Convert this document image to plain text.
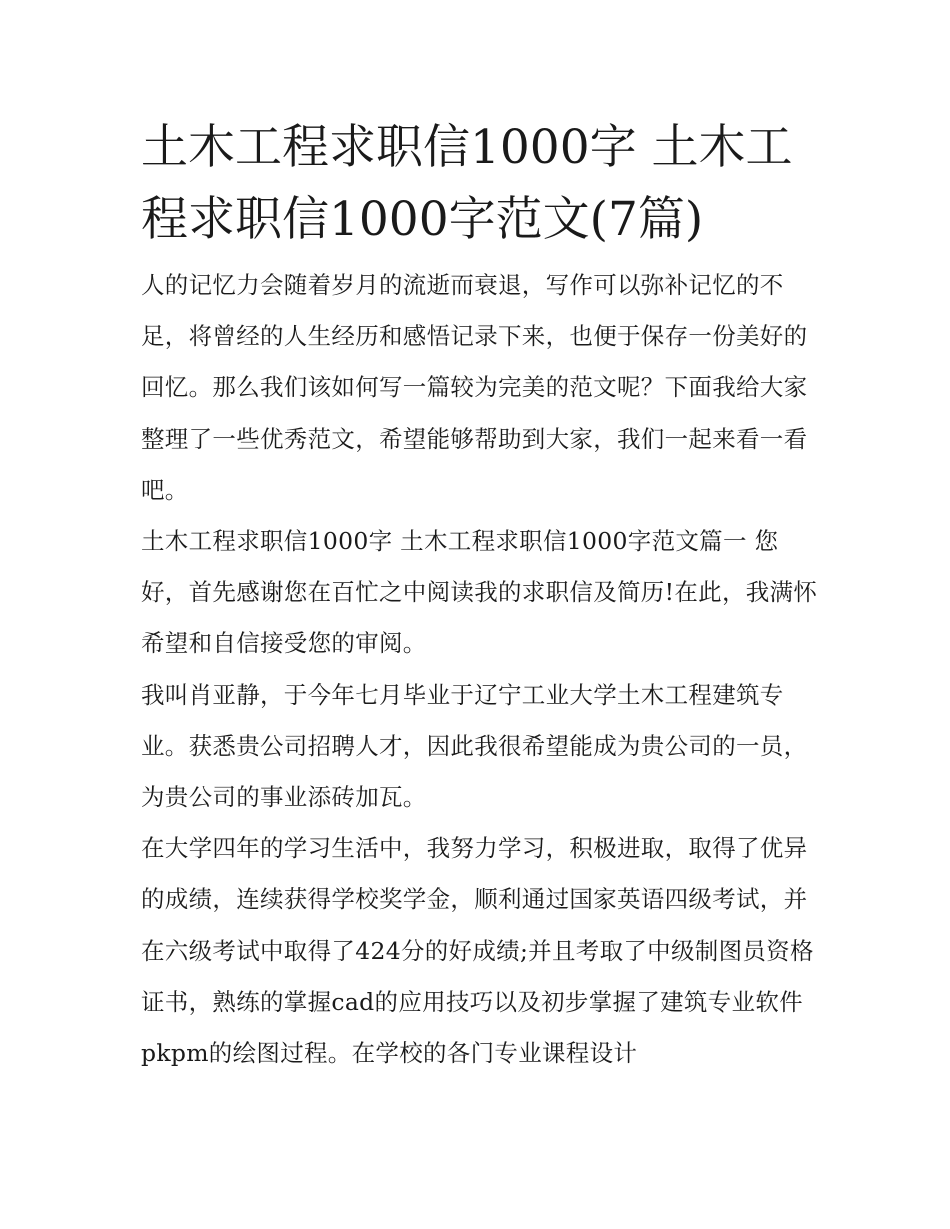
土木工程求职信1000字 土木工程求职信1000字范文(7篇)

人的记忆力会随着岁月的流逝而衰退，写作可以弥补记忆的不足，将曾经的人生经历和感悟记录下来，也便于保存一份美好的回忆。那么我们该如何写一篇较为完美的范文呢？下面我给大家整理了一些优秀范文，希望能够帮助到大家，我们一起来看一看吧。

土木工程求职信1000字 土木工程求职信1000字范文篇一 您好，首先感谢您在百忙之中阅读我的求职信及简历!在此，我满怀希望和自信接受您的审阅。

我叫肖亚静，于今年七月毕业于辽宁工业大学土木工程建筑专业。获悉贵公司招聘人才，因此我很希望能成为贵公司的一员，为贵公司的事业添砖加瓦。

在大学四年的学习生活中，我努力学习，积极进取，取得了优异的成绩，连续获得学校奖学金，顺利通过国家英语四级考试，并在六级考试中取得了424分的好成绩;并且考取了中级制图员资格证书，熟练的掌握cad的应用技巧以及初步掌握了建筑专业软件pkpm的绘图过程。在学校的各门专业课程设计
